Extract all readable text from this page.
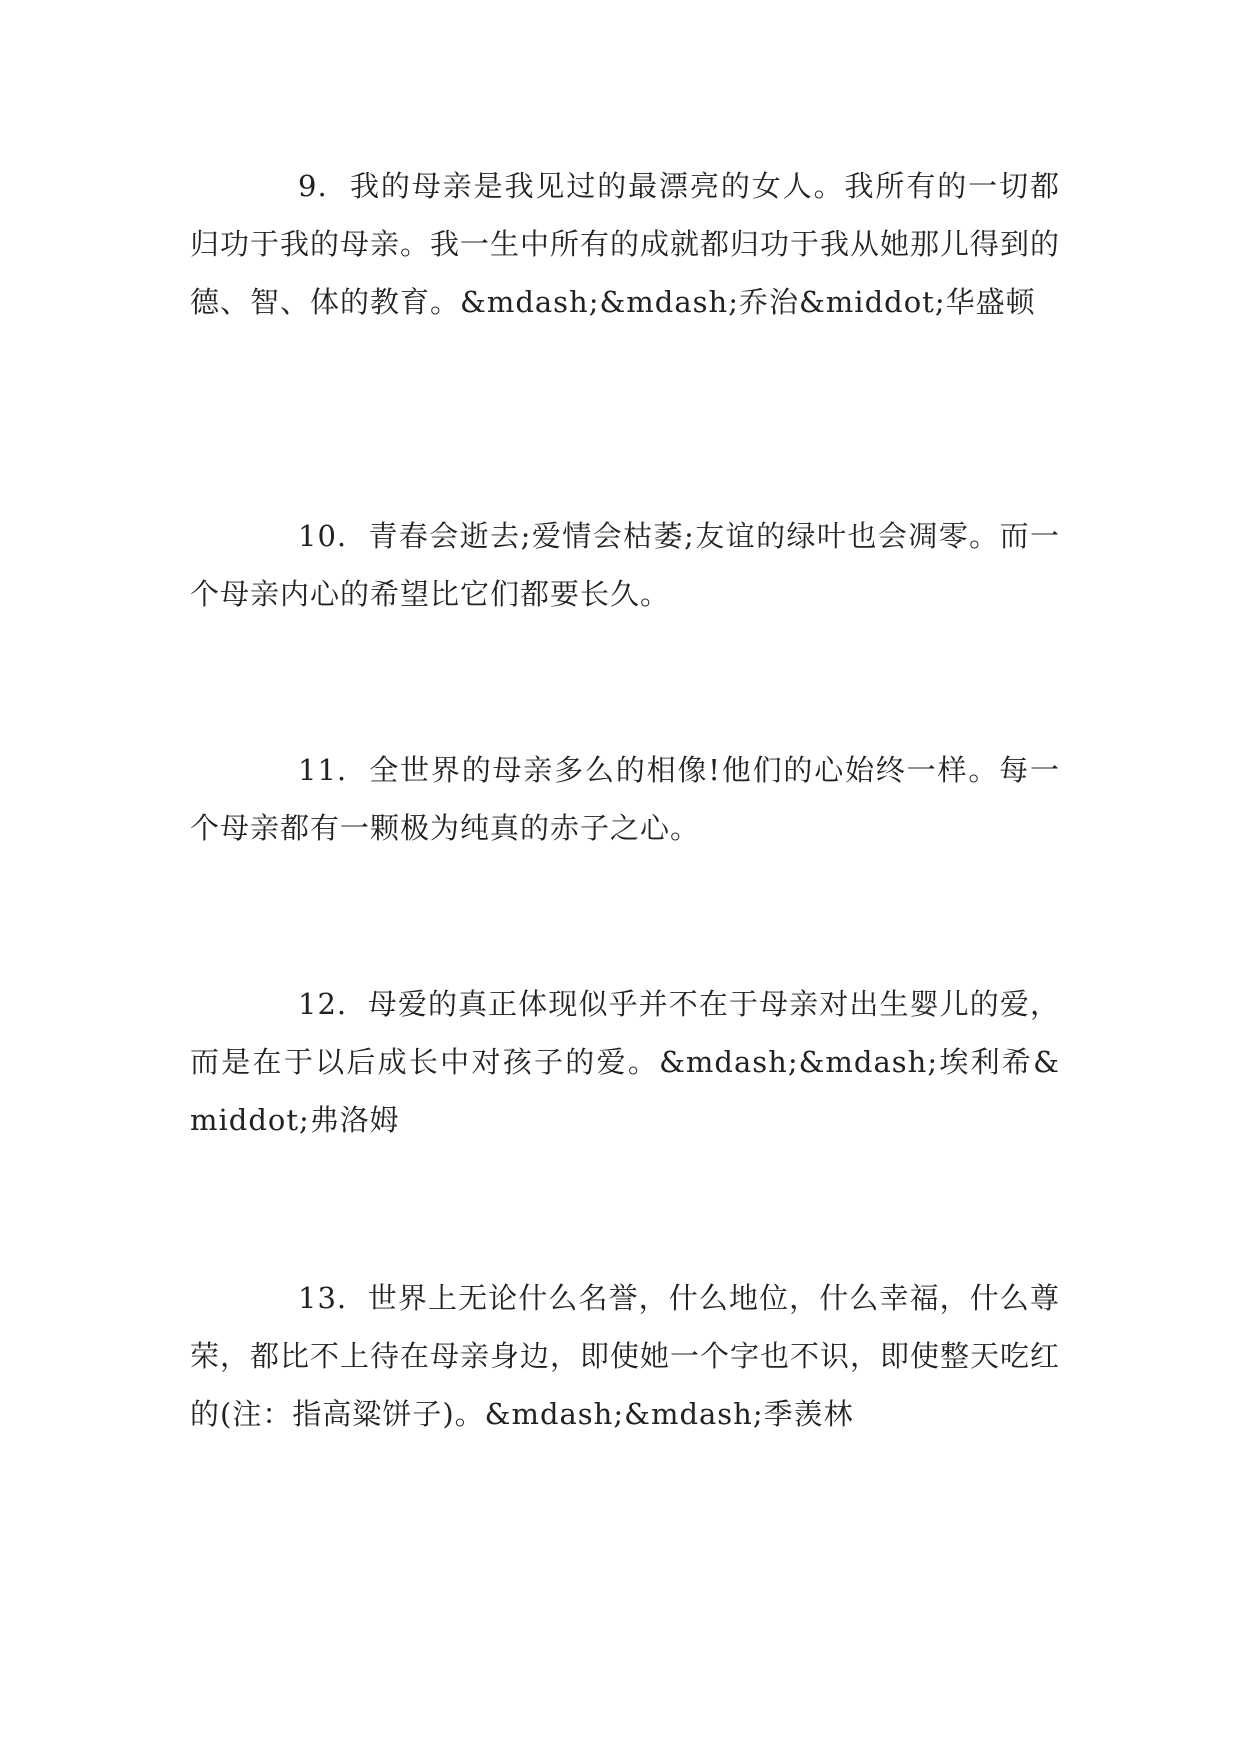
9. 我的母亲是我见过的最漂亮的女人。我所有的一切都归功于我的母亲。我一生中所有的成就都归功于我从她那儿得到的德、智、体的教育。&mdash;&mdash;乔治&middot;华盛顿

10. 青春会逝去;爱情会枯萎;友谊的绿叶也会凋零。而一个母亲内心的希望比它们都要长久。

11. 全世界的母亲多么的相像!他们的心始终一样。每一个母亲都有一颗极为纯真的赤子之心。

12. 母爱的真正体现似乎并不在于母亲对出生婴儿的爱，而是在于以后成长中对孩子的爱。&mdash;&mdash;埃利希&middot;弗洛姆

13. 世界上无论什么名誉，什么地位，什么幸福，什么尊荣，都比不上待在母亲身边，即使她一个字也不识，即使整天吃红的(注：指高粱饼子)。&mdash;&mdash;季羡林
